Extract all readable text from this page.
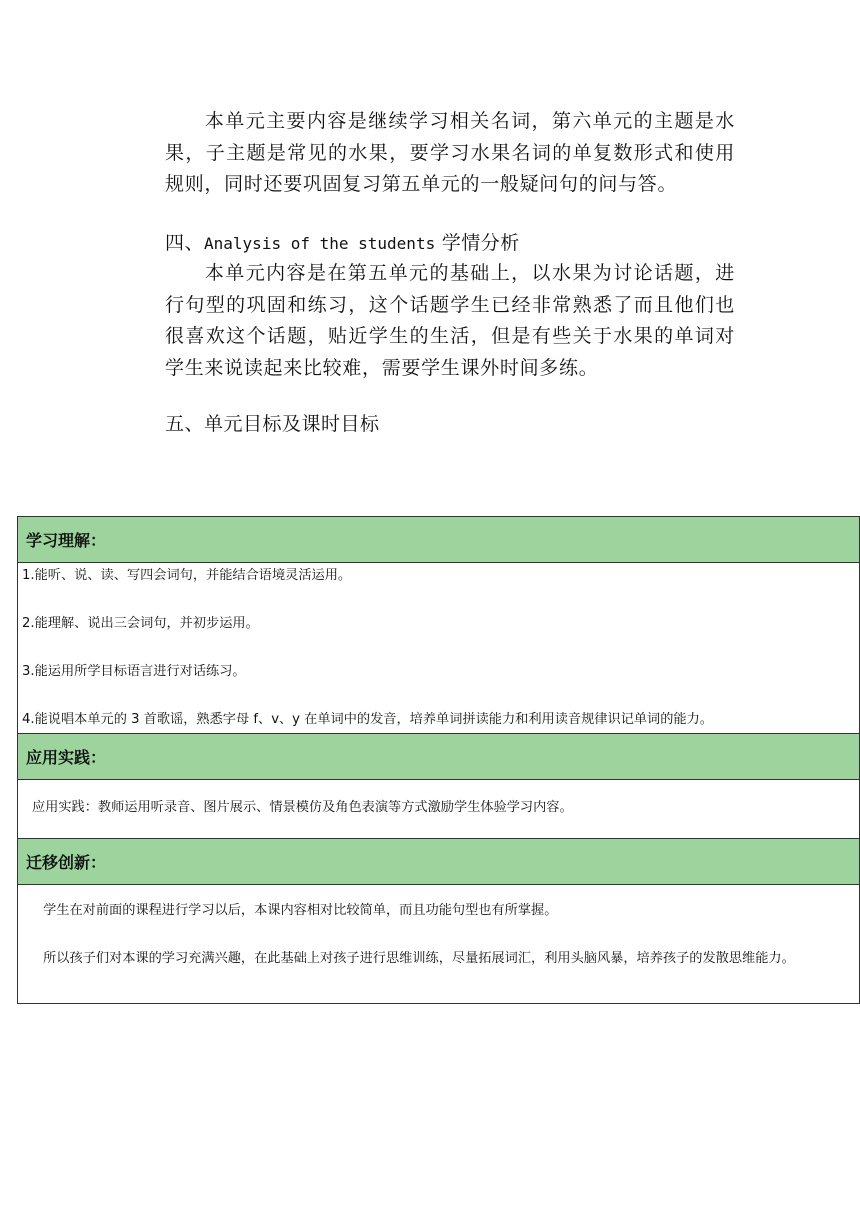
本单元主要内容是继续学习相关名词，第六单元的主题是水果，子主题是常见的水果，要学习水果名词的单复数形式和使用规则，同时还要巩固复习第五单元的一般疑问句的问与答。

四、Analysis of the students 学情分析

本单元内容是在第五单元的基础上，以水果为讨论话题，进行句型的巩固和练习，这个话题学生已经非常熟悉了而且他们也很喜欢这个话题，贴近学生的生活，但是有些关于水果的单词对学生来说读起来比较难，需要学生课外时间多练。

五、单元目标及课时目标

学习理解：

1.能听、说、读、写四会词句，并能结合语境灵活运用。

2.能理解、说出三会词句，并初步运用。

3.能运用所学目标语言进行对话练习。

4.能说唱本单元的 3 首歌谣，熟悉字母 f、v、y 在单词中的发音，培养单词拼读能力和利用读音规律识记单词的能力。

应用实践：

应用实践：教师运用听录音、图片展示、情景模仿及角色表演等方式激励学生体验学习内容。

迁移创新：

学生在对前面的课程进行学习以后，本课内容相对比较简单，而且功能句型也有所掌握。

所以孩子们对本课的学习充满兴趣，在此基础上对孩子进行思维训练，尽量拓展词汇，利用头脑风暴，培养孩子的发散思维能力。
